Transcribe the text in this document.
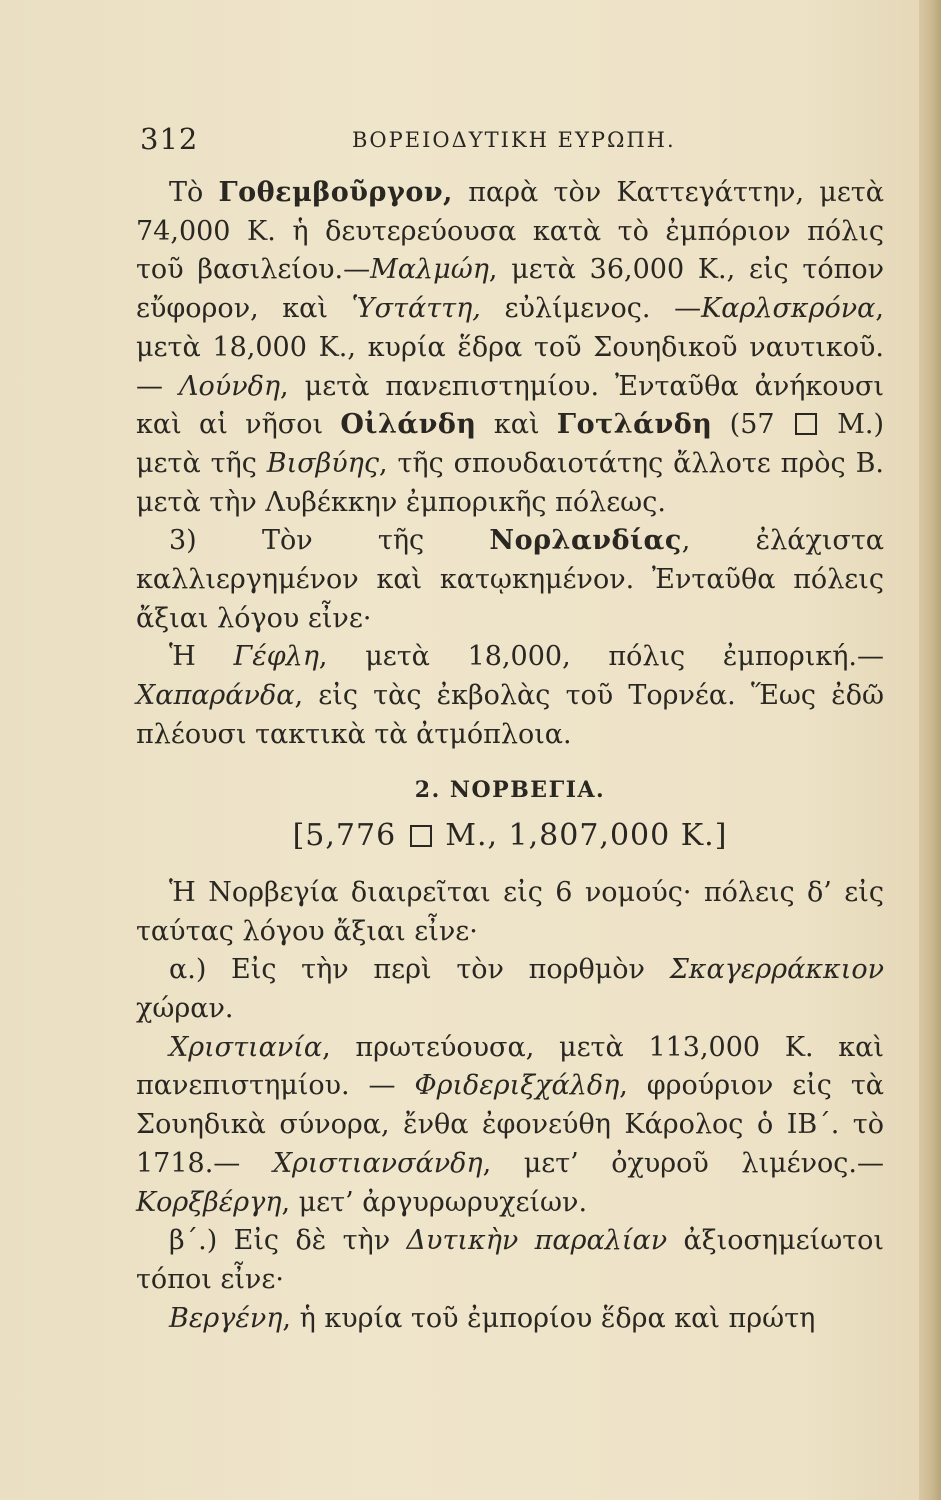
312	ΒΟΡΕΙΟΔΥΤΙΚΗ ΕΥΡΩΠΗ.

Τὸ Γοθεμβοῦργον, παρὰ τὸν Καττεγάττην, μετὰ 74,000 Κ. ἡ δευτερεύουσα κατὰ τὸ ἐμπόριον πόλις τοῦ βασιλείου.—Μαλμώη, μετὰ 36,000 Κ., εἰς τόπον εὔφορον, καὶ Ὑστάττη, εὐλίμενος. —Καρλσκρόνα, μετὰ 18,000 Κ., κυρία ἕδρα τοῦ Σουηδικοῦ ναυτικοῦ. — Λούνδη, μετὰ πανεπιστημίου. Ἐνταῦθα ἀνήκουσι καὶ αἱ νῆσοι Οἰλάνδη καὶ Γοτλάνδη (57  Μ.) μετὰ τῆς Βισβύης, τῆς σπουδαιοτάτης ἄλλοτε πρὸς Β. μετὰ τὴν Λυβέκκην ἐμπορικῆς πόλεως.

3) Τὸν τῆς Νορλανδίας, ἐλάχιστα καλλιεργημένον καὶ κατῳκημένον. Ἐνταῦθα πόλεις ἄξιαι λόγου εἶνε·

Ἡ Γέφλη, μετὰ 18,000, πόλις ἐμπορική.—Χαπαράνδα, εἰς τὰς ἐκβολὰς τοῦ Τορνέα. Ἕως ἐδῶ πλέουσι τακτικὰ τὰ ἀτμόπλοια.

2. ΝΟΡΒΕΓΙΑ.
[5,776  Μ., 1,807,000 Κ.]

Ἡ Νορβεγία διαιρεῖται εἰς 6 νομούς· πόλεις δ’ εἰς ταύτας λόγου ἄξιαι εἶνε·

α.) Εἰς τὴν περὶ τὸν πορθμὸν Σκαγερράκκιον χώραν.

Χριστιανία, πρωτεύουσα, μετὰ 113,000 Κ. καὶ πανεπιστημίου. — Φριδεριξχάλδη, φρούριον εἰς τὰ Σουηδικὰ σύνορα, ἔνθα ἐφονεύθη Κάρολος ὁ ΙΒ΄. τὸ 1718.— Χριστιανσάνδη, μετ’ ὀχυροῦ λιμένος.—Κορξβέργη, μετ’ ἀργυρωρυχείων.

β΄.) Εἰς δὲ τὴν Δυτικὴν παραλίαν ἀξιοσημείωτοι τόποι εἶνε·

Βεργένη, ἡ κυρία τοῦ ἐμπορίου ἕδρα καὶ πρώτη
